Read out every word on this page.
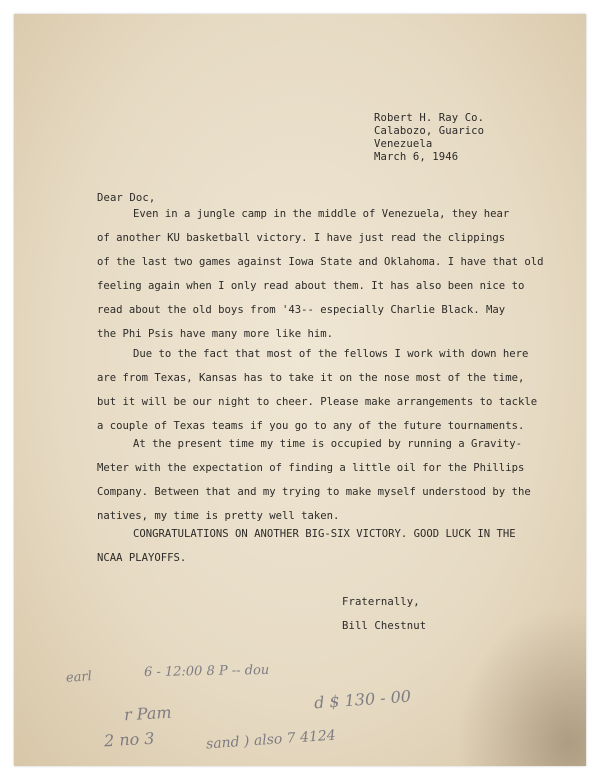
Robert H. Ray Co.
Calabozo, Guarico
Venezuela
March 6, 1946
Dear Doc,
Even in a jungle camp in the middle of Venezuela, they hear
of another KU basketball victory. I have just read the clippings
of the last two games against Iowa State and Oklahoma. I have that old
feeling again when I only read about them. It has also been nice to
read about the old boys from '43-- especially Charlie Black. May
the Phi Psis have many more like him.
Due to the fact that most of the fellows I work with down here
are from Texas, Kansas has to take it on the nose most of the time,
but it will be our night to cheer. Please make arrangements to tackle
a couple of Texas teams if you go to any of the future tournaments.
At the present time my time is occupied by running a Gravity-
Meter with the expectation of finding a little oil for the Phillips
Company. Between that and my trying to make myself understood by the
natives, my time is pretty well taken.
CONGRATULATIONS ON ANOTHER BIG-SIX VICTORY. GOOD LUCK IN THE
NCAA PLAYOFFS.
Fraternally,
Bill Chestnut
earl	6 - 12:00 8 P -- dou
r Pam
d $ 130 - 00
2 no 3	sand ) also 7 4124
